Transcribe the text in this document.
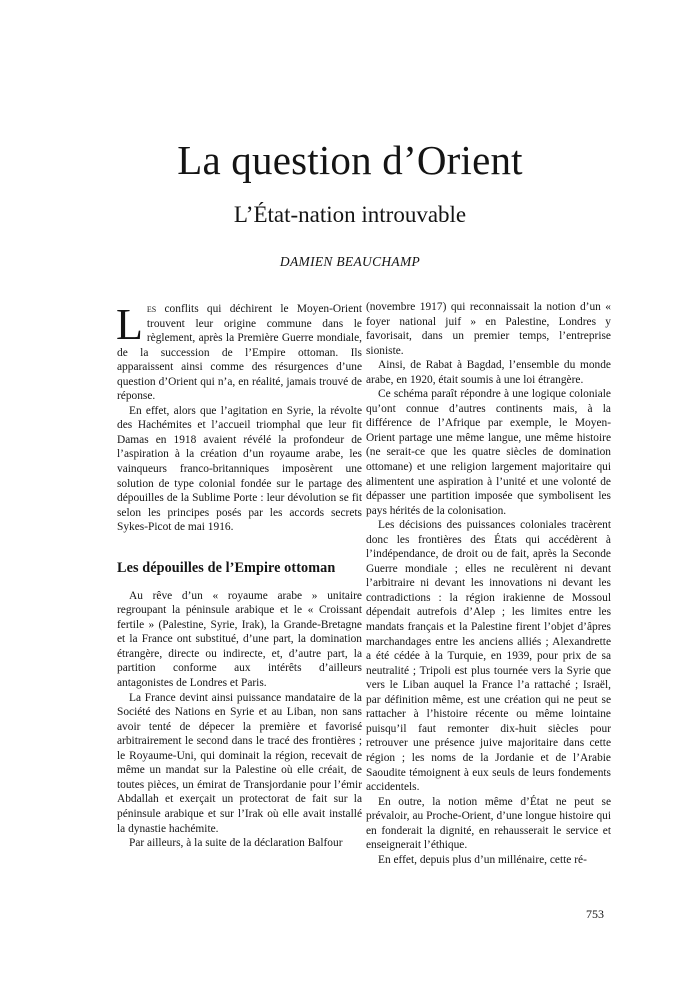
La question d’Orient
L’État-nation introuvable
DAMIEN BEAUCHAMP

Les conflits qui déchirent le Moyen-Orient trouvent leur origine commune dans le règlement, après la Première Guerre mondiale, de la succession de l’Empire ottoman. Ils apparaissent ainsi comme des résurgences d’une question d’Orient qui n’a, en réalité, jamais trouvé de réponse.

En effet, alors que l’agitation en Syrie, la révolte des Hachémites et l’accueil triomphal que leur fit Damas en 1918 avaient révélé la profondeur de l’aspiration à la création d’un royaume arabe, les vainqueurs franco-britanniques imposèrent une solution de type colonial fondée sur le partage des dépouilles de la Sublime Porte : leur dévolution se fit selon les principes posés par les accords secrets Sykes-Picot de mai 1916.

Les dépouilles de l’Empire ottoman

Au rêve d’un « royaume arabe » unitaire regroupant la péninsule arabique et le « Croissant fertile » (Palestine, Syrie, Irak), la Grande-Bretagne et la France ont substitué, d’une part, la domination étrangère, directe ou indirecte, et, d’autre part, la partition conforme aux intérêts d’ailleurs antagonistes de Londres et Paris.

La France devint ainsi puissance mandataire de la Société des Nations en Syrie et au Liban, non sans avoir tenté de dépecer la première et favorisé arbitrairement le second dans le tracé des frontières ; le Royaume-Uni, qui dominait la région, recevait de même un mandat sur la Palestine où elle créait, de toutes pièces, un émirat de Transjordanie pour l’émir Abdallah et exerçait un protectorat de fait sur la péninsule arabique et sur l’Irak où elle avait installé la dynastie hachémite.

Par ailleurs, à la suite de la déclaration Balfour

(novembre 1917) qui reconnaissait la notion d’un « foyer national juif » en Palestine, Londres y favorisait, dans un premier temps, l’entreprise sioniste.

Ainsi, de Rabat à Bagdad, l’ensemble du monde arabe, en 1920, était soumis à une loi étrangère.

Ce schéma paraît répondre à une logique coloniale qu’ont connue d’autres continents mais, à la différence de l’Afrique par exemple, le Moyen-Orient partage une même langue, une même histoire (ne serait-ce que les quatre siècles de domination ottomane) et une religion largement majoritaire qui alimentent une aspiration à l’unité et une volonté de dépasser une partition imposée que symbolisent les pays hérités de la colonisation.

Les décisions des puissances coloniales tracèrent donc les frontières des États qui accédèrent à l’indépendance, de droit ou de fait, après la Seconde Guerre mondiale ; elles ne reculèrent ni devant l’arbitraire ni devant les innovations ni devant les contradictions : la région irakienne de Mossoul dépendait autrefois d’Alep ; les limites entre les mandats français et la Palestine firent l’objet d’âpres marchandages entre les anciens alliés ; Alexandrette a été cédée à la Turquie, en 1939, pour prix de sa neutralité ; Tripoli est plus tournée vers la Syrie que vers le Liban auquel la France l’a rattaché ; Israël, par définition même, est une création qui ne peut se rattacher à l’histoire récente ou même lointaine puisqu’il faut remonter dix-huit siècles pour retrouver une présence juive majoritaire dans cette région ; les noms de la Jordanie et de l’Arabie Saoudite témoignent à eux seuls de leurs fondements accidentels.

En outre, la notion même d’État ne peut se prévaloir, au Proche-Orient, d’une longue histoire qui en fonderait la dignité, en rehausserait le service et enseignerait l’éthique.

En effet, depuis plus d’un millénaire, cette ré-

753
